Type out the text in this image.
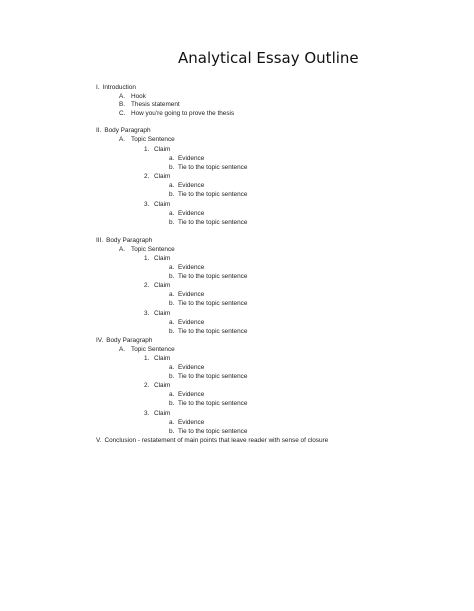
Analytical Essay Outline
I. Introduction
A. Hook
B. Thesis statement
C. How you're going to prove the thesis
II. Body Paragraph
A. Topic Sentence
1. Claim
a. Evidence
b. Tie to the topic sentence
2. Claim
a. Evidence
b. Tie to the topic sentence
3. Claim
a. Evidence
b. Tie to the topic sentence
III. Body Paragraph
A. Topic Sentence
1. Claim
a. Evidence
b. Tie to the topic sentence
2. Claim
a. Evidence
b. Tie to the topic sentence
3. Claim
a. Evidence
b. Tie to the topic sentence
IV. Body Paragraph
A. Topic Sentence
1. Claim
a. Evidence
b. Tie to the topic sentence
2. Claim
a. Evidence
b. Tie to the topic sentence
3. Claim
a. Evidence
b. Tie to the topic sentence
V. Conclusion - restatement of main points that leave reader with sense of closure
